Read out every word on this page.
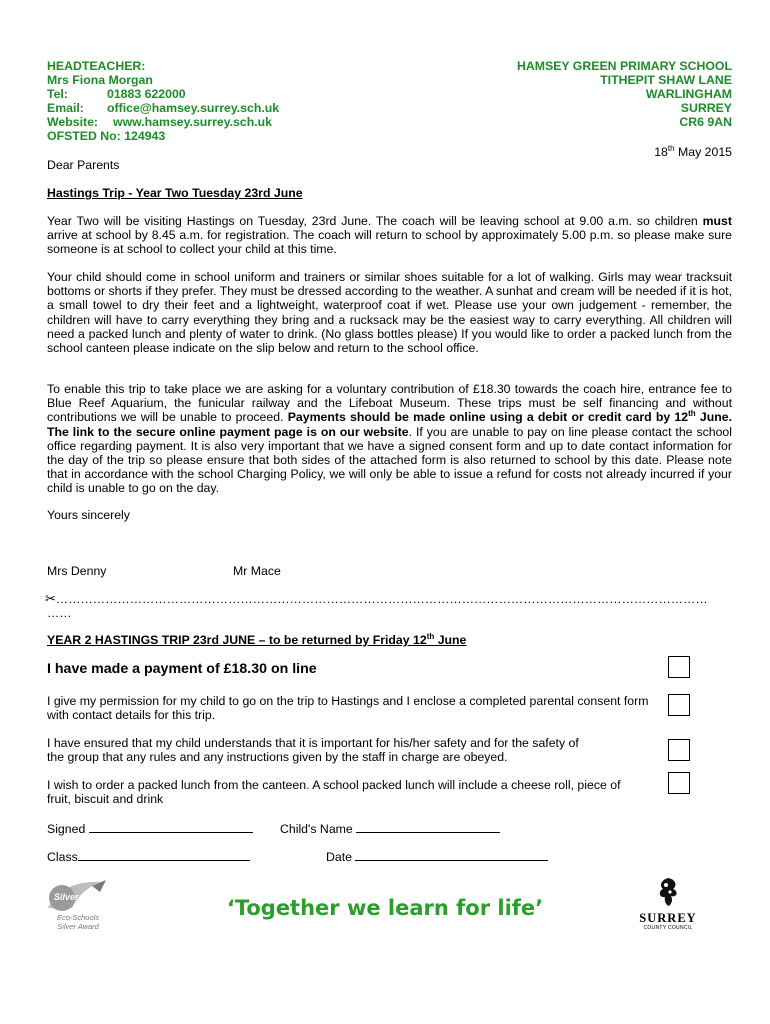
HEADTEACHER:
Mrs Fiona Morgan
Tel:	01883 622000
Email: office@hamsey.surrey.sch.uk
Website: www.hamsey.surrey.sch.uk
OFSTED No: 124943
HAMSEY GREEN PRIMARY SCHOOL
TITHEPIT SHAW LANE
WARLINGHAM
SURREY
CR6 9AN
18th May 2015
Dear Parents
Hastings Trip - Year Two Tuesday 23rd June
Year Two will be visiting Hastings on Tuesday, 23rd June. The coach will be leaving school at 9.00 a.m. so children must arrive at school by 8.45 a.m. for registration. The coach will return to school by approximately 5.00 p.m. so please make sure someone is at school to collect your child at this time.
Your child should come in school uniform and trainers or similar shoes suitable for a lot of walking. Girls may wear tracksuit bottoms or shorts if they prefer. They must be dressed according to the weather. A sunhat and cream will be needed if it is hot, a small towel to dry their feet and a lightweight, waterproof coat if wet. Please use your own judgement - remember, the children will have to carry everything they bring and a rucksack may be the easiest way to carry everything. All children will need a packed lunch and plenty of water to drink. (No glass bottles please) If you would like to order a packed lunch from the school canteen please indicate on the slip below and return to the school office.
To enable this trip to take place we are asking for a voluntary contribution of £18.30 towards the coach hire, entrance fee to Blue Reef Aquarium, the funicular railway and the Lifeboat Museum. These trips must be self financing and without contributions we will be unable to proceed. Payments should be made online using a debit or credit card by 12th June. The link to the secure online payment page is on our website. If you are unable to pay on line please contact the school office regarding payment. It is also very important that we have a signed consent form and up to date contact information for the day of the trip so please ensure that both sides of the attached form is also returned to school by this date. Please note that in accordance with the school Charging Policy, we will only be able to issue a refund for costs not already incurred if your child is unable to go on the day.
Yours sincerely
Mrs Denny	Mr Mace
✂……………………………………………………………………………………………………………………………………………
……
YEAR 2 HASTINGS TRIP 23rd JUNE – to be returned by Friday 12th June
I have made a payment of £18.30 on line
I give my permission for my child to go on the trip to Hastings and I enclose a completed parental consent form with contact details for this trip.
I have ensured that my child understands that it is important for his/her safety and for the safety of the group that any rules and any instructions given by the staff in charge are obeyed.
I wish to order a packed lunch from the canteen. A school packed lunch will include a cheese roll, piece of fruit, biscuit and drink
Signed	Child's Name
Class	Date
Silver
Eco-Schools
Silver Award
‘Together we learn for life’	SURREY
COUNTY COUNCIL
